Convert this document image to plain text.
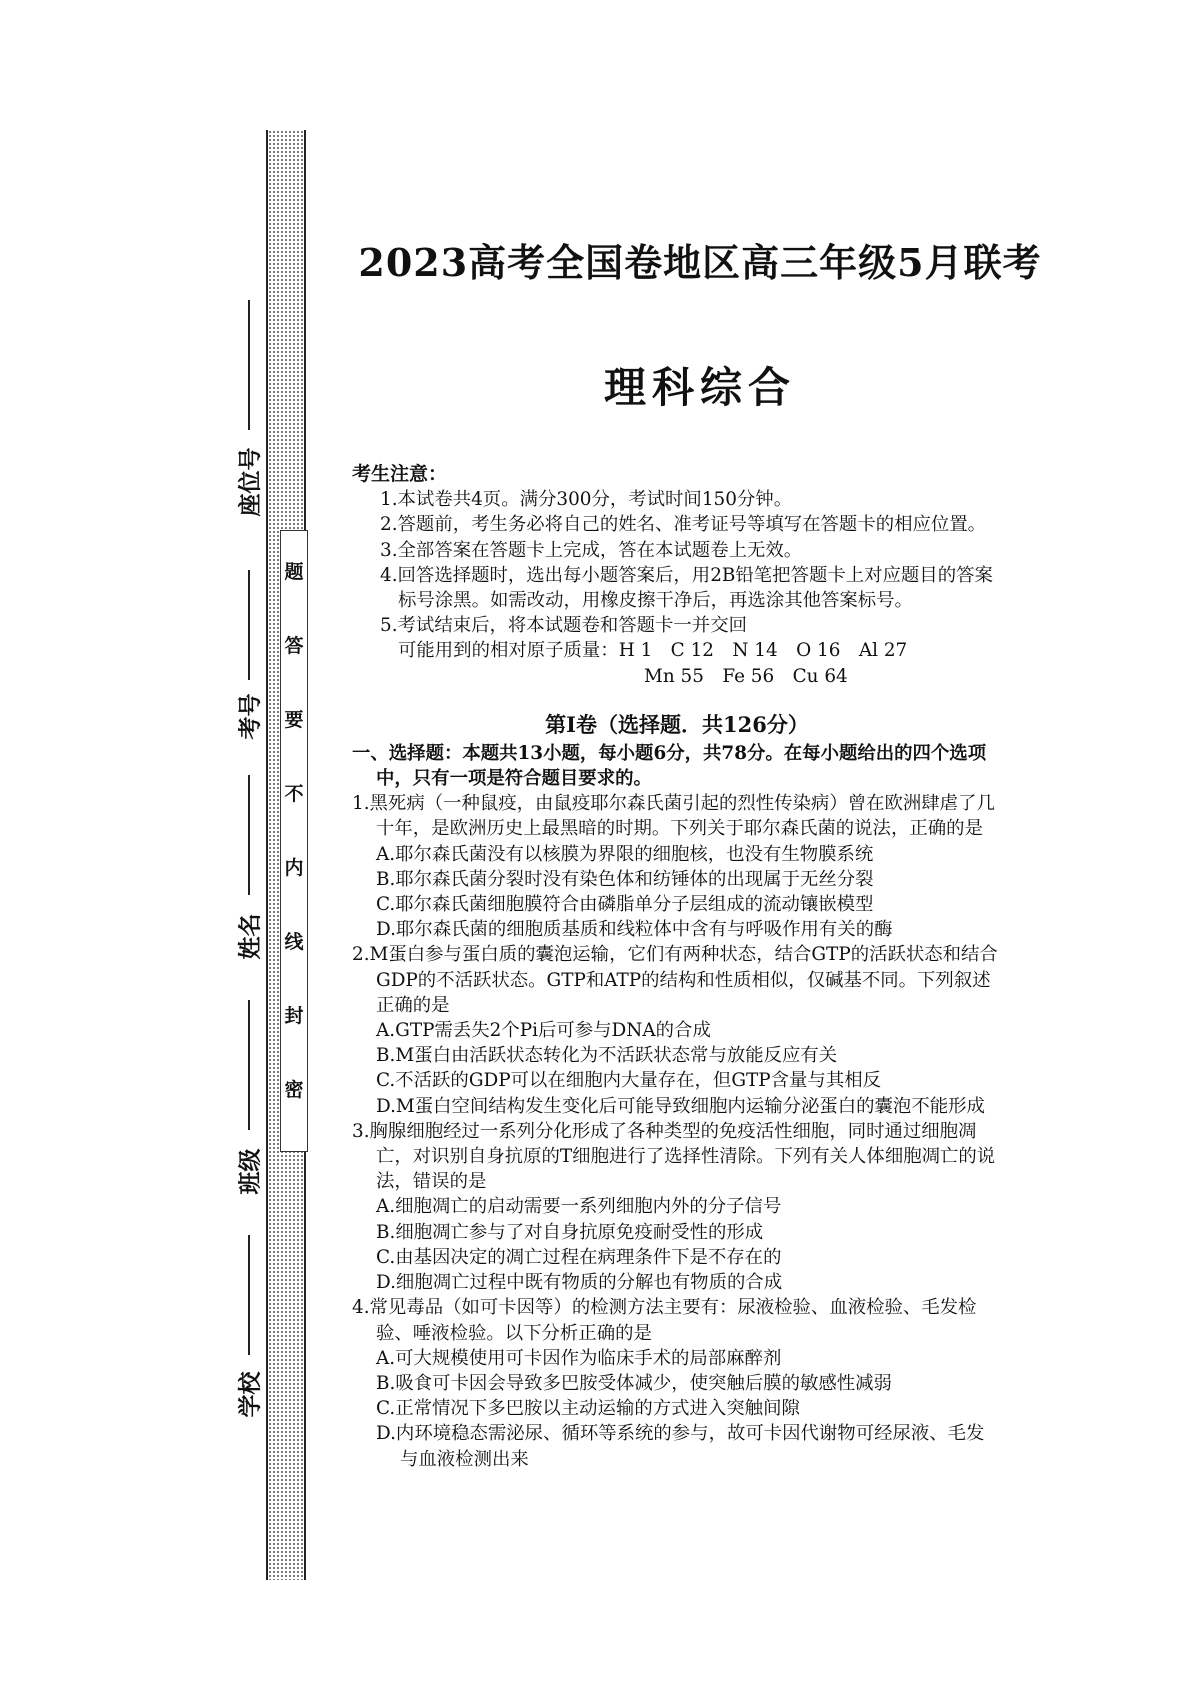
题
答
要
不
内
线
封
密
座位号
考号
姓名
班级
学校
2023高考全国卷地区高三年级5月联考
理科综合
考生注意：
1.本试卷共4页。满分300分，考试时间150分钟。
2.答题前，考生务必将自己的姓名、准考证号等填写在答题卡的相应位置。
3.全部答案在答题卡上完成，答在本试题卷上无效。
4.回答选择题时，选出每小题答案后，用2B铅笔把答题卡上对应题目的答案标号涂黑。如需改动，用橡皮擦干净后，再选涂其他答案标号。
5.考试结束后，将本试题卷和答题卡一并交回
可能用到的相对原子质量：H 1　C 12　N 14　O 16　Al 27
Mn 55　Fe 56　Cu 64
第Ⅰ卷（选择题．共126分）
一、选择题：本题共13小题，每小题6分，共78分。在每小题给出的四个选项中，只有一项是符合题目要求的。
1.黑死病（一种鼠疫，由鼠疫耶尔森氏菌引起的烈性传染病）曾在欧洲肆虐了几十年，是欧洲历史上最黑暗的时期。下列关于耶尔森氏菌的说法，正确的是
A.耶尔森氏菌没有以核膜为界限的细胞核，也没有生物膜系统
B.耶尔森氏菌分裂时没有染色体和纺锤体的出现属于无丝分裂
C.耶尔森氏菌细胞膜符合由磷脂单分子层组成的流动镶嵌模型
D.耶尔森氏菌的细胞质基质和线粒体中含有与呼吸作用有关的酶
2.M蛋白参与蛋白质的囊泡运输，它们有两种状态，结合GTP的活跃状态和结合GDP的不活跃状态。GTP和ATP的结构和性质相似，仅碱基不同。下列叙述正确的是
A.GTP需丢失2个Pi后可参与DNA的合成
B.M蛋白由活跃状态转化为不活跃状态常与放能反应有关
C.不活跃的GDP可以在细胞内大量存在，但GTP含量与其相反
D.M蛋白空间结构发生变化后可能导致细胞内运输分泌蛋白的囊泡不能形成
3.胸腺细胞经过一系列分化形成了各种类型的免疫活性细胞，同时通过细胞凋亡，对识别自身抗原的T细胞进行了选择性清除。下列有关人体细胞凋亡的说法，错误的是
A.细胞凋亡的启动需要一系列细胞内外的分子信号
B.细胞凋亡参与了对自身抗原免疫耐受性的形成
C.由基因决定的凋亡过程在病理条件下是不存在的
D.细胞凋亡过程中既有物质的分解也有物质的合成
4.常见毒品（如可卡因等）的检测方法主要有：尿液检验、血液检验、毛发检验、唾液检验。以下分析正确的是
A.可大规模使用可卡因作为临床手术的局部麻醉剂
B.吸食可卡因会导致多巴胺受体减少，使突触后膜的敏感性减弱
C.正常情况下多巴胺以主动运输的方式进入突触间隙
D.内环境稳态需泌尿、循环等系统的参与，故可卡因代谢物可经尿液、毛发与血液检测出来
